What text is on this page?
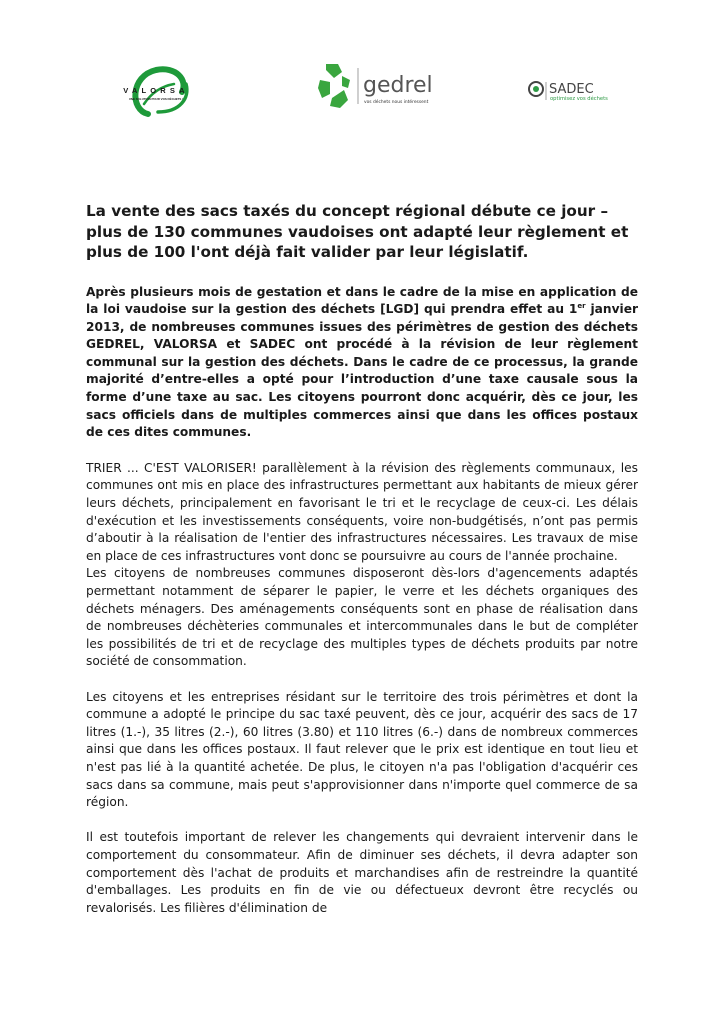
VALORSA
UNE SOLUTION POUR VOS DÉCHETS !
gedrel
vos déchets nous intéressent
SADEC
optimisez vos déchets
La vente des sacs taxés du concept régional débute ce jour – plus de 130 communes vaudoises ont adapté leur règlement et plus de 100 l'ont déjà fait valider par leur législatif.

Après plusieurs mois de gestation et dans le cadre de la mise en application de la loi vaudoise sur la gestion des déchets [LGD] qui prendra effet au 1er janvier 2013, de nombreuses communes issues des périmètres de gestion des déchets GEDREL, VALORSA et SADEC ont procédé à la révision de leur règlement communal sur la gestion des déchets. Dans le cadre de ce processus, la grande majorité d’entre-elles a opté pour l’introduction d’une taxe causale sous la forme d’une taxe au sac. Les citoyens pourront donc acquérir, dès ce jour, les sacs officiels dans de multiples commerces ainsi que dans les offices postaux de ces dites communes.

TRIER ... C'EST VALORISER! parallèlement à la révision des règlements communaux, les communes ont mis en place des infrastructures permettant aux habitants de mieux gérer leurs déchets, principalement en favorisant le tri et le recyclage de ceux-ci. Les délais d'exécution et les investissements conséquents, voire non-budgétisés, n’ont pas permis d’aboutir à la réalisation de l'entier des infrastructures nécessaires. Les travaux de mise en place de ces infrastructures vont donc se poursuivre au cours de l'année prochaine.

Les citoyens de nombreuses communes disposeront dès-lors d'agencements adaptés permettant notamment de séparer le papier, le verre et les déchets organiques des déchets ménagers. Des aménagements conséquents sont en phase de réalisation dans de nombreuses déchèteries communales et intercommunales dans le but de compléter les possibilités de tri et de recyclage des multiples types de déchets produits par notre société de consommation.

Les citoyens et les entreprises résidant sur le territoire des trois périmètres et dont la commune a adopté le principe du sac taxé peuvent, dès ce jour, acquérir des sacs de 17 litres (1.-), 35 litres (2.-), 60 litres (3.80) et 110 litres (6.-) dans de nombreux commerces ainsi que dans les offices postaux. Il faut relever que le prix est identique en tout lieu et n'est pas lié à la quantité achetée. De plus, le citoyen n'a pas l'obligation d'acquérir ces sacs dans sa commune, mais peut s'approvisionner dans n'importe quel commerce de sa région.

Il est toutefois important de relever les changements qui devraient intervenir dans le comportement du consommateur. Afin de diminuer ses déchets, il devra adapter son comportement dès l'achat de produits et marchandises afin de restreindre la quantité d'emballages. Les produits en fin de vie ou défectueux devront être recyclés ou revalorisés. Les filières d'élimination de
